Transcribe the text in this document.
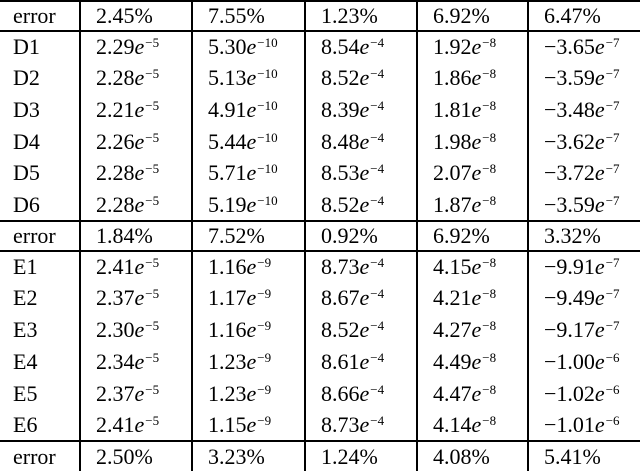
error	2.45%	7.55%	1.23%	6.92%	6.47%
D1	$2.29e^{-5}$	$5.30e^{-10}$	$8.54e^{-4}$	$1.92e^{-8}$	$-3.65e^{-7}$
D2	$2.28e^{-5}$	$5.13e^{-10}$	$8.52e^{-4}$	$1.86e^{-8}$	$-3.59e^{-7}$
D3	$2.21e^{-5}$	$4.91e^{-10}$	$8.39e^{-4}$	$1.81e^{-8}$	$-3.48e^{-7}$
D4	$2.26e^{-5}$	$5.44e^{-10}$	$8.48e^{-4}$	$1.98e^{-8}$	$-3.62e^{-7}$
D5	$2.28e^{-5}$	$5.71e^{-10}$	$8.53e^{-4}$	$2.07e^{-8}$	$-3.72e^{-7}$
D6	$2.28e^{-5}$	$5.19e^{-10}$	$8.52e^{-4}$	$1.87e^{-8}$	$-3.59e^{-7}$
error	1.84%	7.52%	0.92%	6.92%	3.32%
E1	$2.41e^{-5}$	$1.16e^{-9}$	$8.73e^{-4}$	$4.15e^{-8}$	$-9.91e^{-7}$
E2	$2.37e^{-5}$	$1.17e^{-9}$	$8.67e^{-4}$	$4.21e^{-8}$	$-9.49e^{-7}$
E3	$2.30e^{-5}$	$1.16e^{-9}$	$8.52e^{-4}$	$4.27e^{-8}$	$-9.17e^{-7}$
E4	$2.34e^{-5}$	$1.23e^{-9}$	$8.61e^{-4}$	$4.49e^{-8}$	$-1.00e^{-6}$
E5	$2.37e^{-5}$	$1.23e^{-9}$	$8.66e^{-4}$	$4.47e^{-8}$	$-1.02e^{-6}$
E6	$2.41e^{-5}$	$1.15e^{-9}$	$8.73e^{-4}$	$4.14e^{-8}$	$-1.01e^{-6}$
error	2.50%	3.23%	1.24%	4.08%	5.41%
